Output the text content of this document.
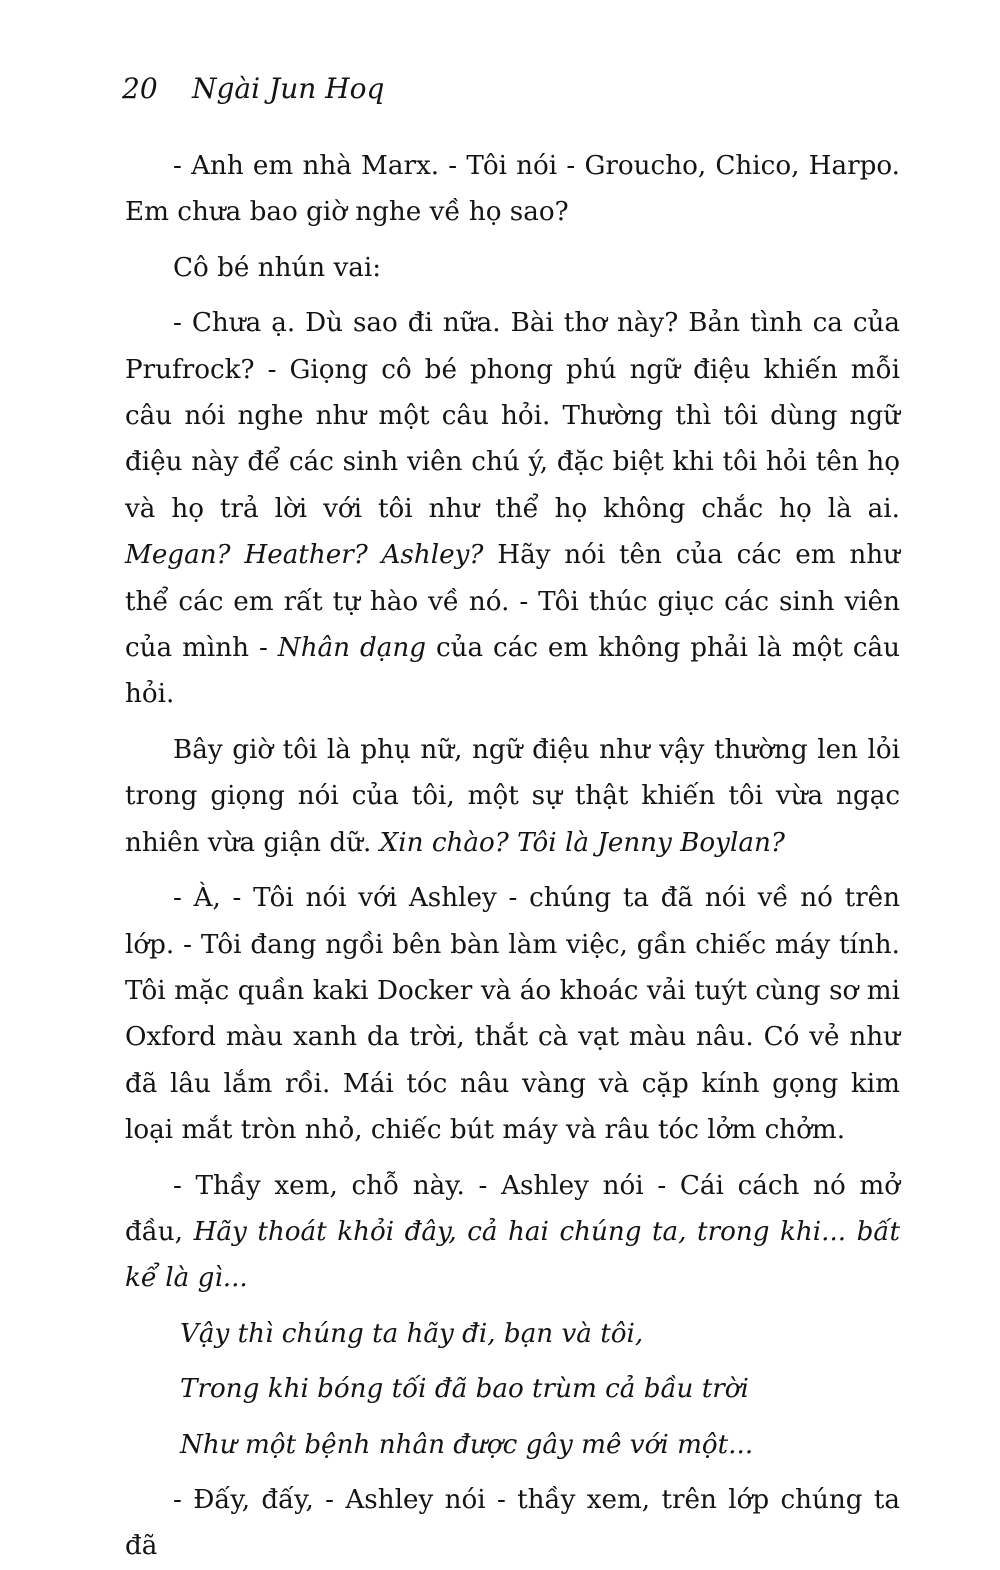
20 Ngài Jun Hoq

- Anh em nhà Marx. - Tôi nói - Groucho, Chico, Harpo. Em chưa bao giờ nghe về họ sao?

Cô bé nhún vai:

- Chưa ạ. Dù sao đi nữa. Bài thơ này? Bản tình ca của Prufrock? - Giọng cô bé phong phú ngữ điệu khiến mỗi câu nói nghe như một câu hỏi. Thường thì tôi dùng ngữ điệu này để các sinh viên chú ý, đặc biệt khi tôi hỏi tên họ và họ trả lời với tôi như thể họ không chắc họ là ai. Megan? Heather? Ashley? Hãy nói tên của các em như thể các em rất tự hào về nó. - Tôi thúc giục các sinh viên của mình - Nhân dạng của các em không phải là một câu hỏi.

Bây giờ tôi là phụ nữ, ngữ điệu như vậy thường len lỏi trong giọng nói của tôi, một sự thật khiến tôi vừa ngạc nhiên vừa giận dữ. Xin chào? Tôi là Jenny Boylan?

- À, - Tôi nói với Ashley - chúng ta đã nói về nó trên lớp. - Tôi đang ngồi bên bàn làm việc, gần chiếc máy tính. Tôi mặc quần kaki Docker và áo khoác vải tuýt cùng sơ mi Oxford màu xanh da trời, thắt cà vạt màu nâu. Có vẻ như đã lâu lắm rồi. Mái tóc nâu vàng và cặp kính gọng kim loại mắt tròn nhỏ, chiếc bút máy và râu tóc lởm chởm.

- Thầy xem, chỗ này. - Ashley nói - Cái cách nó mở đầu, Hãy thoát khỏi đây, cả hai chúng ta, trong khi... bất kể là gì...

Vậy thì chúng ta hãy đi, bạn và tôi,

Trong khi bóng tối đã bao trùm cả bầu trời

Như một bệnh nhân được gây mê với một...

- Đấy, đấy, - Ashley nói - thầy xem, trên lớp chúng ta đã
